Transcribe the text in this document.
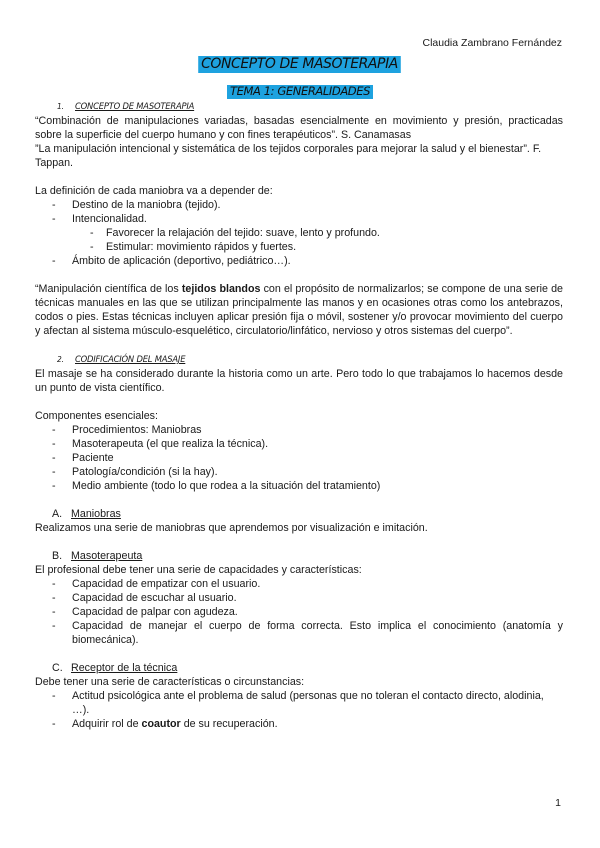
Claudia Zambrano Fernández
CONCEPTO DE MASOTERAPIA
TEMA 1: GENERALIDADES

1. CONCEPTO DE MASOTERAPIA

“Combinación de manipulaciones variadas, basadas esencialmente en movimiento y presión, practicadas sobre la superficie del cuerpo humano y con fines terapéuticos”. S. Canamasas

”La manipulación intencional y sistemática de los tejidos corporales para mejorar la salud y el bienestar”. F. Tappan.

La definición de cada maniobra va a depender de:

- Destino de la maniobra (tejido).
- Intencionalidad.
- Favorecer la relajación del tejido: suave, lento y profundo.
- Estimular: movimiento rápidos y fuertes.
- Ámbito de aplicación (deportivo, pediátrico…).

“Manipulación científica de los tejidos blandos con el propósito de normalizarlos; se compone de una serie de técnicas manuales en las que se utilizan principalmente las manos y en ocasiones otras como los antebrazos, codos o pies. Estas técnicas incluyen aplicar presión fija o móvil, sostener y/o provocar movimiento del cuerpo y afectan al sistema músculo-esquelético, circulatorio/linfático, nervioso y otros sistemas del cuerpo”.

2. CODIFICACIÓN DEL MASAJE

El masaje se ha considerado durante la historia como un arte. Pero todo lo que trabajamos lo hacemos desde un punto de vista científico.

Componentes esenciales:

- Procedimientos: Maniobras
- Masoterapeuta (el que realiza la técnica).
- Paciente
- Patología/condición (si la hay).
- Medio ambiente (todo lo que rodea a la situación del tratamiento)

A. Maniobras

Realizamos una serie de maniobras que aprendemos por visualización e imitación.

B. Masoterapeuta

El profesional debe tener una serie de capacidades y características:

- Capacidad de empatizar con el usuario.
- Capacidad de escuchar al usuario.
- Capacidad de palpar con agudeza.
- Capacidad de manejar el cuerpo de forma correcta. Esto implica el conocimiento (anatomía y biomecánica).

C. Receptor de la técnica

Debe tener una serie de características o circunstancias:

- Actitud psicológica ante el problema de salud (personas que no toleran el contacto directo, alodinia, …).
- Adquirir rol de coautor de su recuperación.
1
